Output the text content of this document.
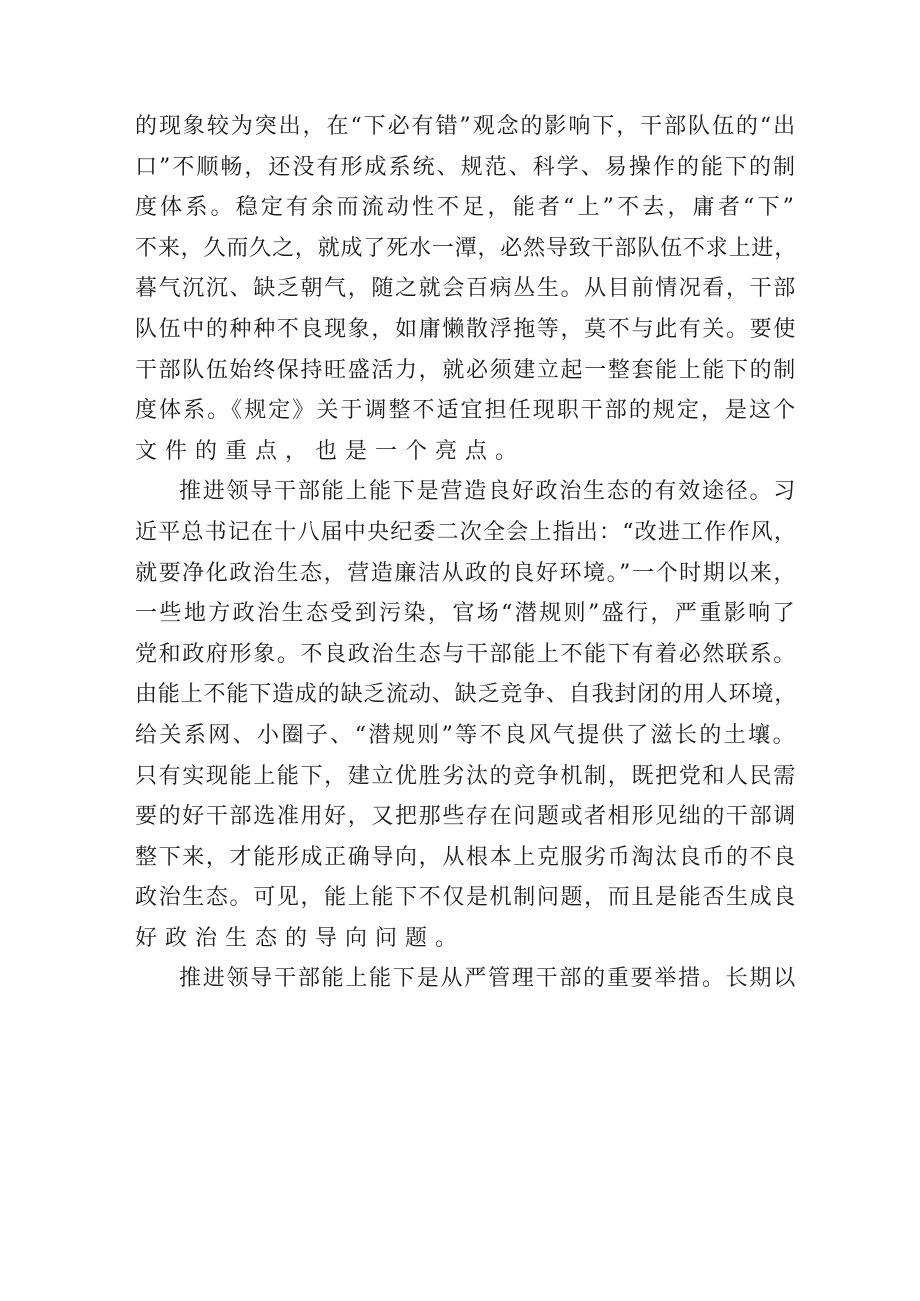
的现象较为突出，在“下必有错”观念的影响下，干部队伍的“出
口”不顺畅，还没有形成系统、规范、科学、易操作的能下的制
度体系。稳定有余而流动性不足，能者“上”不去，庸者“下”
不来，久而久之，就成了死水一潭，必然导致干部队伍不求上进，
暮气沉沉、缺乏朝气，随之就会百病丛生。从目前情况看，干部
队伍中的种种不良现象，如庸懒散浮拖等，莫不与此有关。要使
干部队伍始终保持旺盛活力，就必须建立起一整套能上能下的制
度体系。《规定》关于调整不适宜担任现职干部的规定，是这个
文件的重点，也是一个亮点。
推进领导干部能上能下是营造良好政治生态的有效途径。习
近平总书记在十八届中央纪委二次全会上指出：“改进工作作风，
就要净化政治生态，营造廉洁从政的良好环境。”一个时期以来，
一些地方政治生态受到污染，官场“潜规则”盛行，严重影响了
党和政府形象。不良政治生态与干部能上不能下有着必然联系。
由能上不能下造成的缺乏流动、缺乏竞争、自我封闭的用人环境，
给关系网、小圈子、“潜规则”等不良风气提供了滋长的土壤。
只有实现能上能下，建立优胜劣汰的竞争机制，既把党和人民需
要的好干部选准用好，又把那些存在问题或者相形见绌的干部调
整下来，才能形成正确导向，从根本上克服劣币淘汰良币的不良
政治生态。可见，能上能下不仅是机制问题，而且是能否生成良
好政治生态的导向问题。
推进领导干部能上能下是从严管理干部的重要举措。长期以
